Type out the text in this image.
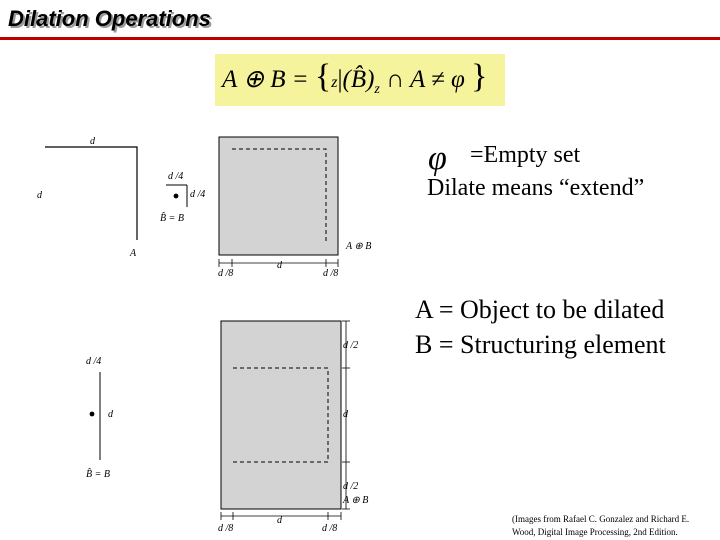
Dilation Operations
A ⊕ $B = \{z|(B̂)_z$ ∩ A ≠ φ }
φ =Empty set
Dilate means “extend”
A = Object to be dilated
B = Structuring element
d
d
A
d /4
d /4
B̂ = B
A ⊕ B
d /8
d
d /8
d /4
d
B̂ = B
d /2
d
d /2
A ⊕ B
d /8
d
d /8
(Images from Rafael C. Gonzalez and Richard E.
Wood, Digital Image Processing, 2nd Edition.
